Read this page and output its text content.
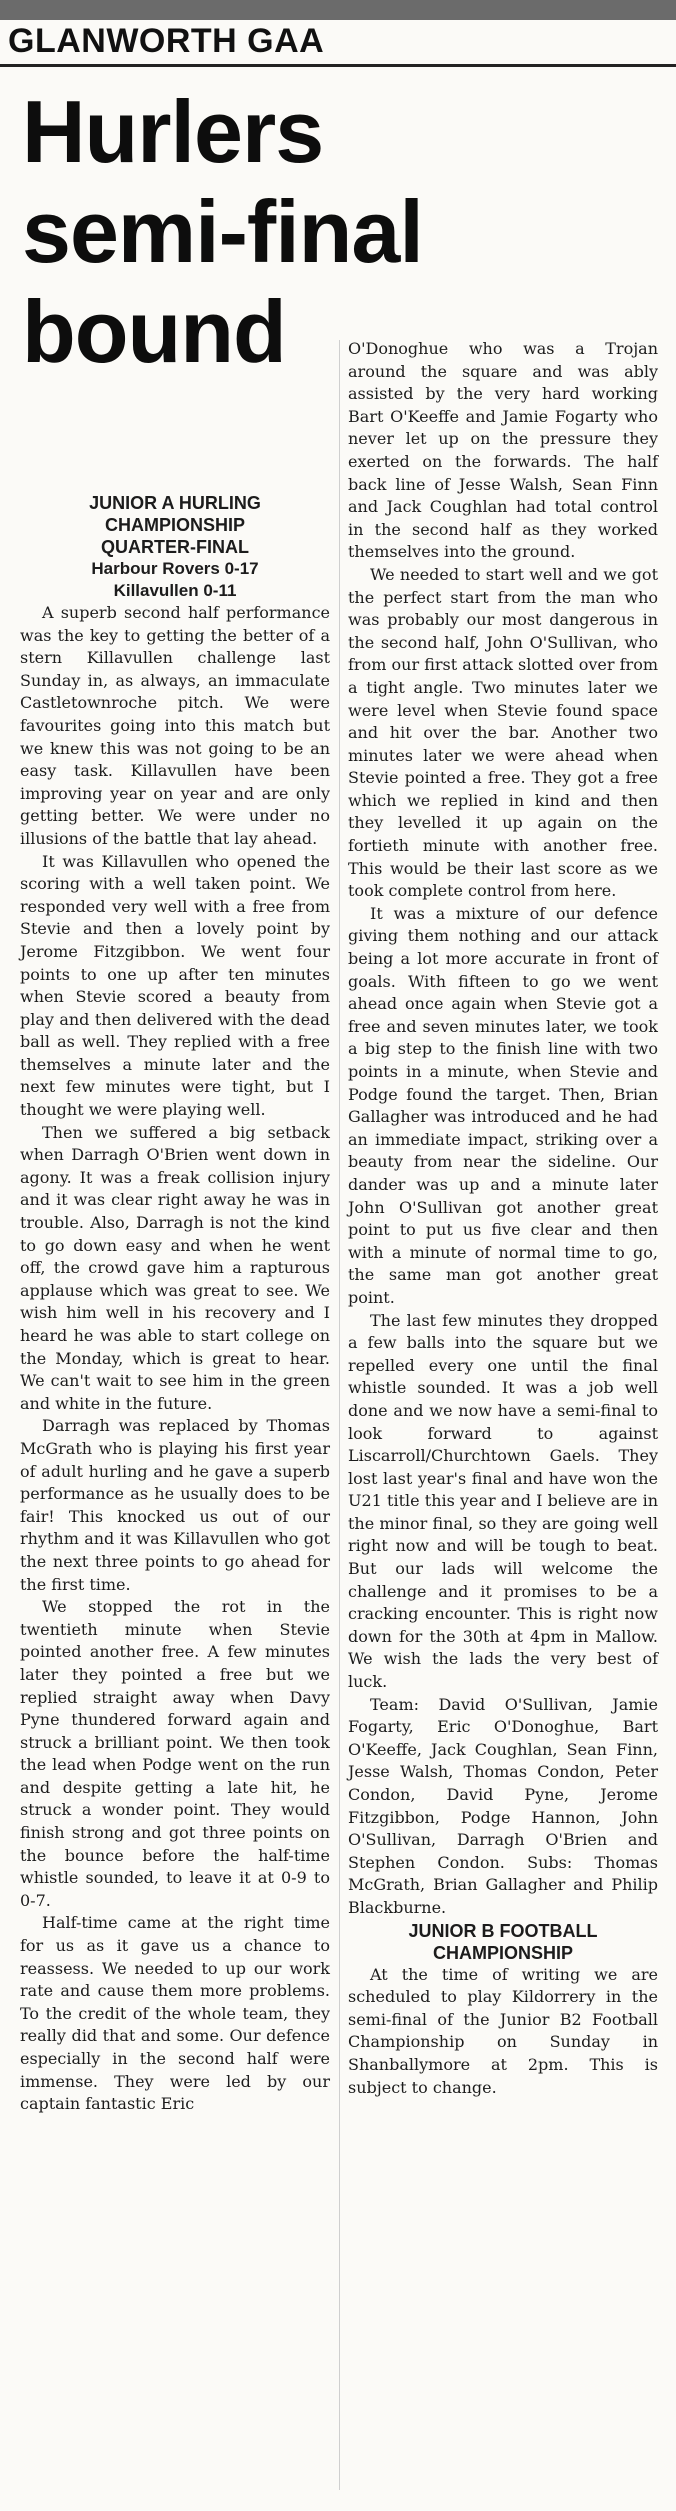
GLANWORTH GAA
Hurlers
semi-final
bound

JUNIOR A HURLING

CHAMPIONSHIP

QUARTER-FINAL

Harbour Rovers 0-17

Killavullen 0-11

A superb second half performance was the key to getting the better of a stern Killavullen challenge last Sunday in, as always, an immaculate Castletownroche pitch. We were favourites going into this match but we knew this was not going to be an easy task. Killavullen have been improving year on year and are only getting better. We were under no illusions of the battle that lay ahead.

It was Killavullen who opened the scoring with a well taken point. We responded very well with a free from Stevie and then a lovely point by Jerome Fitzgibbon. We went four points to one up after ten minutes when Stevie scored a beauty from play and then delivered with the dead ball as well. They replied with a free themselves a minute later and the next few minutes were tight, but I thought we were playing well.

Then we suffered a big setback when Darragh O'Brien went down in agony. It was a freak collision injury and it was clear right away he was in trouble. Also, Darragh is not the kind to go down easy and when he went off, the crowd gave him a rapturous applause which was great to see. We wish him well in his recovery and I heard he was able to start college on the Monday, which is great to hear. We can't wait to see him in the green and white in the future.

Darragh was replaced by Thomas McGrath who is playing his first year of adult hurling and he gave a superb performance as he usually does to be fair! This knocked us out of our rhythm and it was Killavullen who got the next three points to go ahead for the first time.

We stopped the rot in the twentieth minute when Stevie pointed another free. A few minutes later they pointed a free but we replied straight away when Davy Pyne thundered forward again and struck a brilliant point. We then took the lead when Podge went on the run and despite getting a late hit, he struck a wonder point. They would finish strong and got three points on the bounce before the half-time whistle sounded, to leave it at 0-9 to 0-7.

Half-time came at the right time for us as it gave us a chance to reassess. We needed to up our work rate and cause them more problems. To the credit of the whole team, they really did that and some. Our defence especially in the second half were immense. They were led by our captain fantastic Eric

O'Donoghue who was a Trojan around the square and was ably assisted by the very hard working Bart O'Keeffe and Jamie Fogarty who never let up on the pressure they exerted on the forwards. The half back line of Jesse Walsh, Sean Finn and Jack Coughlan had total control in the second half as they worked themselves into the ground.

We needed to start well and we got the perfect start from the man who was probably our most dangerous in the second half, John O'Sullivan, who from our first attack slotted over from a tight angle. Two minutes later we were level when Stevie found space and hit over the bar. Another two minutes later we were ahead when Stevie pointed a free. They got a free which we replied in kind and then they levelled it up again on the fortieth minute with another free. This would be their last score as we took complete control from here.

It was a mixture of our defence giving them nothing and our attack being a lot more accurate in front of goals. With fifteen to go we went ahead once again when Stevie got a free and seven minutes later, we took a big step to the finish line with two points in a minute, when Stevie and Podge found the target. Then, Brian Gallagher was introduced and he had an immediate impact, striking over a beauty from near the sideline. Our dander was up and a minute later John O'Sullivan got another great point to put us five clear and then with a minute of normal time to go, the same man got another great point.

The last few minutes they dropped a few balls into the square but we repelled every one until the final whistle sounded. It was a job well done and we now have a semi-final to look forward to against Liscarroll/Churchtown Gaels. They lost last year's final and have won the U21 title this year and I believe are in the minor final, so they are going well right now and will be tough to beat. But our lads will welcome the challenge and it promises to be a cracking encounter. This is right now down for the 30th at 4pm in Mallow. We wish the lads the very best of luck.

Team: David O'Sullivan, Jamie Fogarty, Eric O'Donoghue, Bart O'Keeffe, Jack Coughlan, Sean Finn, Jesse Walsh, Thomas Condon, Peter Condon, David Pyne, Jerome Fitzgibbon, Podge Hannon, John O'Sullivan, Darragh O'Brien and Stephen Condon. Subs: Thomas McGrath, Brian Gallagher and Philip Blackburne.

JUNIOR B FOOTBALL

CHAMPIONSHIP

At the time of writing we are scheduled to play Kildorrery in the semi-final of the Junior B2 Football Championship on Sunday in Shanballymore at 2pm. This is subject to change.
